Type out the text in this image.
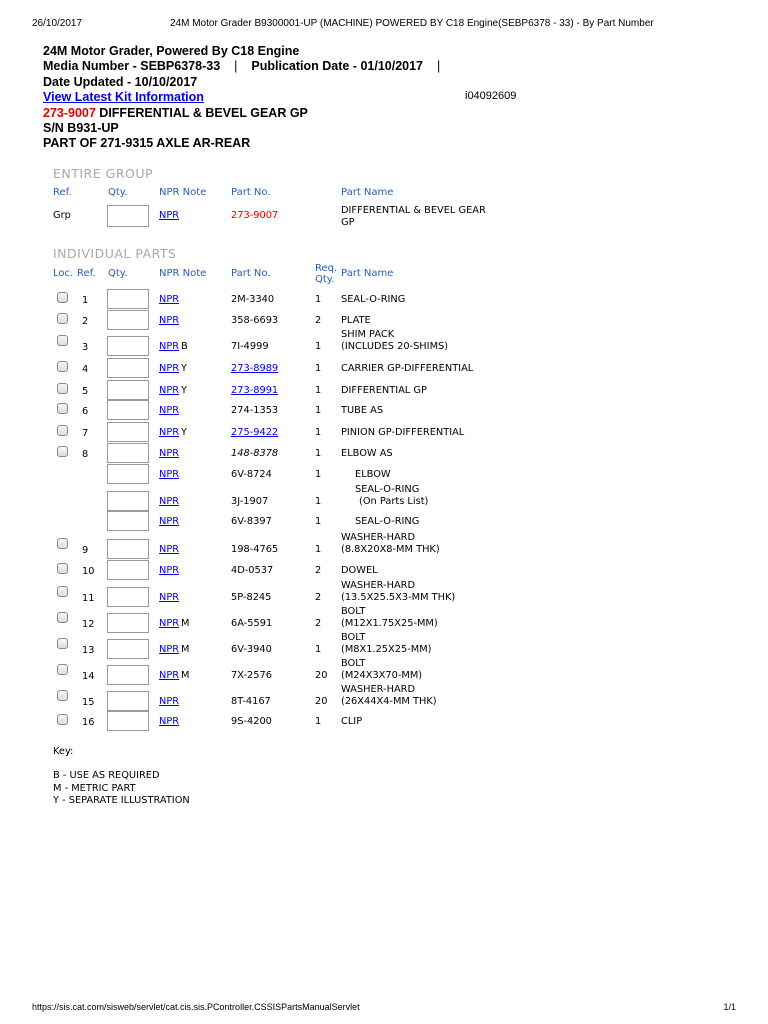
26/10/2017	24M Motor Grader B9300001-UP (MACHINE) POWERED BY C18 Engine(SEBP6378 - 33) - By Part Number
24M Motor Grader, Powered By C18 Engine
Media Number - SEBP6378-33 | Publication Date - 01/10/2017 |
Date Updated - 10/10/2017
View Latest Kit Information
273-9007 DIFFERENTIAL & BEVEL GEAR GP
S/N B931-UP
PART OF 271-9315 AXLE AR-REAR
i04092609
ENTIRE GROUP
Ref.	Qty.	NPR Note Part No.	Part Name
Grp	NPR	273-9007	DIFFERENTIAL & BEVEL GEAR
GP
INDIVIDUAL PARTS
Loc. Ref. Qty.	NPR Note Part No.	Req.
Qty.
Part Name
1	NPR	2M-3340	1 SEAL-O-RING
2	NPR	358-6693	2 PLATE
3	NPR B	7I-4999	1
SHIM PACK
(INCLUDES 20-SHIMS)
4	NPR Y	273-8989	1 CARRIER GP-DIFFERENTIAL
5	NPR Y	273-8991	1 DIFFERENTIAL GP
6	NPR	274-1353	1 TUBE AS
7	NPR Y	275-9422	1 PINION GP-DIFFERENTIAL
8	NPR	148-8378	1 ELBOW AS
NPR	6V-8724	1	ELBOW
NPR	3J-1907	1
SEAL-O-RING
(On Parts List)
NPR	6V-8397	1	SEAL-O-RING
9	NPR	198-4765	1
WASHER-HARD
(8.8X20X8-MM THK)
10	NPR	4D-0537	2 DOWEL
11	NPR	5P-8245	2
WASHER-HARD
(13.5X25.5X3-MM THK)
12	NPR M	6A-5591	2
BOLT
(M12X1.75X25-MM)
13	NPR M	6V-3940	1
BOLT
(M8X1.25X25-MM)
14	NPR M	7X-2576	20
BOLT
(M24X3X70-MM)
15	NPR	8T-4167	20
WASHER-HARD
(26X44X4-MM THK)
16	NPR	9S-4200	1 CLIP
Key:
B - USE AS REQUIRED
M - METRIC PART
Y - SEPARATE ILLUSTRATION
https://sis.cat.com/sisweb/servlet/cat.cis.sis.PController.CSSISPartsManualServlet	1/1
